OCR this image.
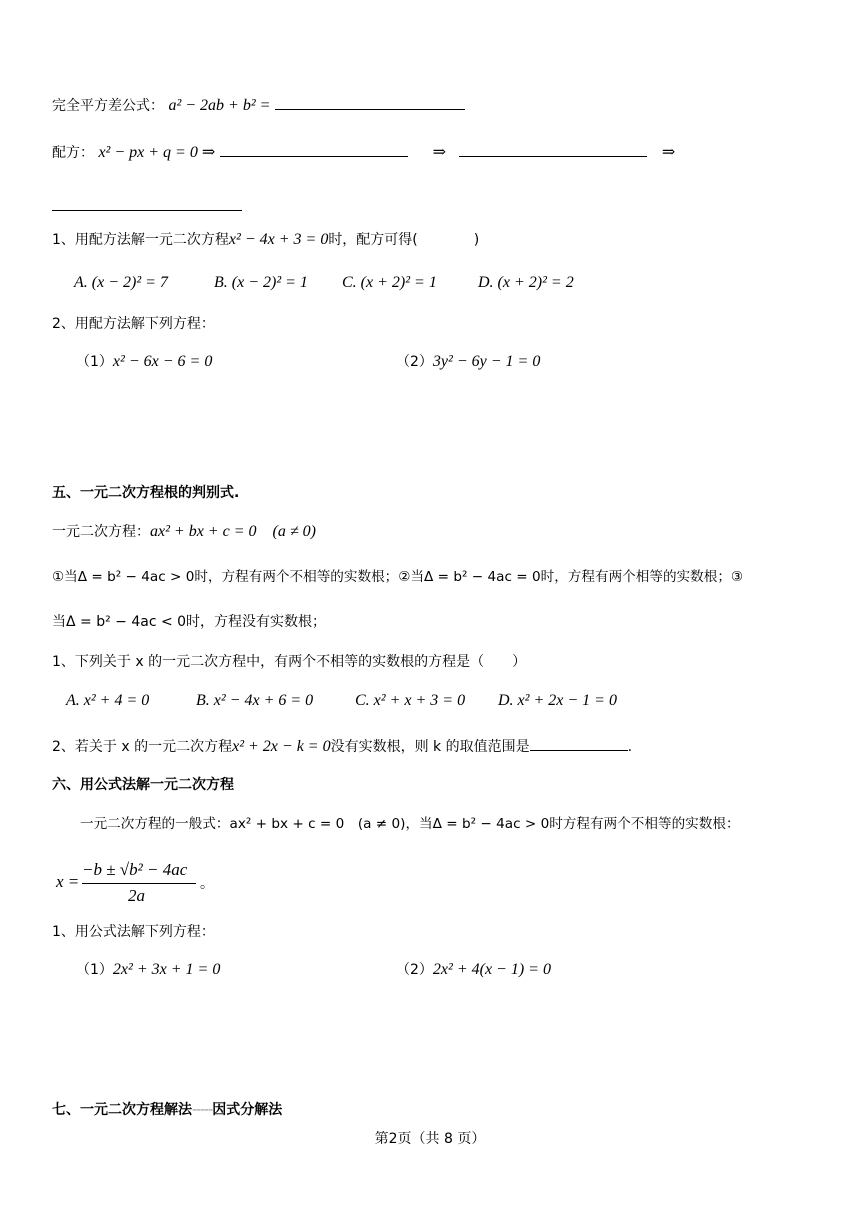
完全平方差公式： a² − 2ab + b² =
配方： x² − px + q = 0 ⇒	⇒	⇒
1、用配方法解一元二次方程x² − 4x + 3 = 0时，配方可得(　　　　)
A. (x − 2)² = 7	B. (x − 2)² = 1 C. (x + 2)² = 1	D. (x + 2)² = 2
2、用配方法解下列方程：
（1）x² − 6x − 6 = 0	（2）3y² − 6y − 1 = 0
五、一元二次方程根的判别式.
一元二次方程：ax² + bx + c = 0　(a ≠ 0)
①当Δ = b² − 4ac > 0时，方程有两个不相等的实数根；②当Δ = b² − 4ac = 0时，方程有两个相等的实数根；③
当Δ = b² − 4ac < 0时，方程没有实数根；
1、下列关于 x 的一元二次方程中，有两个不相等的实数根的方程是（　　）
A. x² + 4 = 0	B. x² − 4x + 6 = 0	C. x² + x + 3 = 0 D. x² + 2x − 1 = 0
2、若关于 x 的一元二次方程x² + 2x − k = 0没有实数根，则 k 的取值范围是	.
六、用公式法解一元二次方程
一元二次方程的一般式：ax² + bx + c = 0　(a ≠ 0)，当Δ = b² − 4ac > 0时方程有两个不相等的实数根：
x =
−b ± √b² − 4ac
2a
。
1、用公式法解下列方程：
（1）2x² + 3x + 1 = 0	（2）2x² + 4(x − 1) = 0
七、一元二次方程解法-----因式分解法
第2页（共 8 页）
